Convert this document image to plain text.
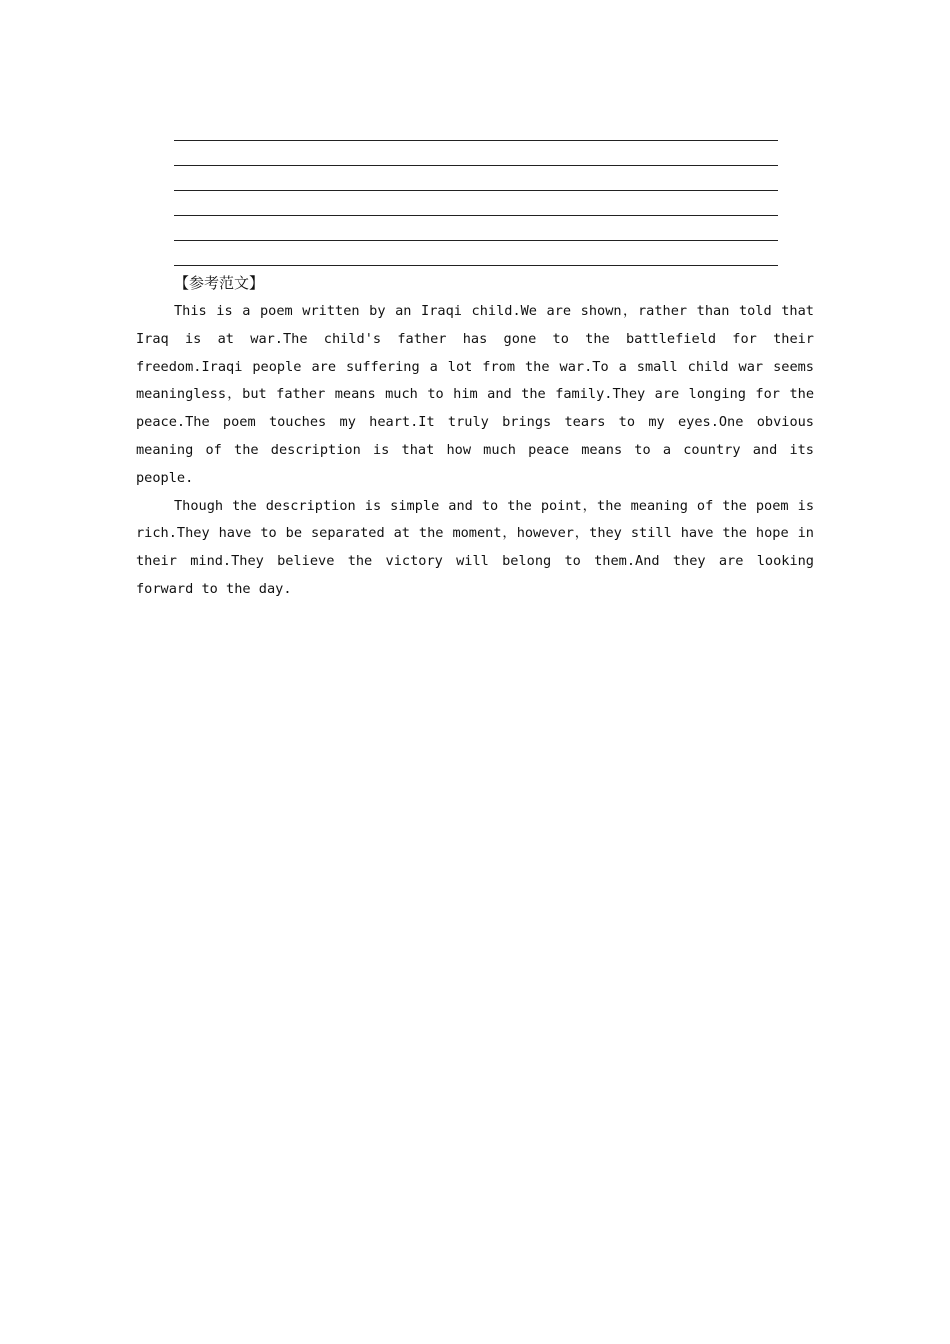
【参考范文】

This is a poem written by an Iraqi child.We are shown，rather than told that Iraq is at war.The child's father has gone to the battlefield for their freedom.Iraqi people are suffering a lot from the war.To a small child war seems meaningless，but father means much to him and the family.They are longing for the peace.The poem touches my heart.It truly brings tears to my eyes.One obvious meaning of the description is that how much peace means to a country and its people.

Though the description is simple and to the point，the meaning of the poem is rich.They have to be separated at the moment，however，they still have the hope in their mind.They believe the victory will belong to them.And they are looking forward to the day.
